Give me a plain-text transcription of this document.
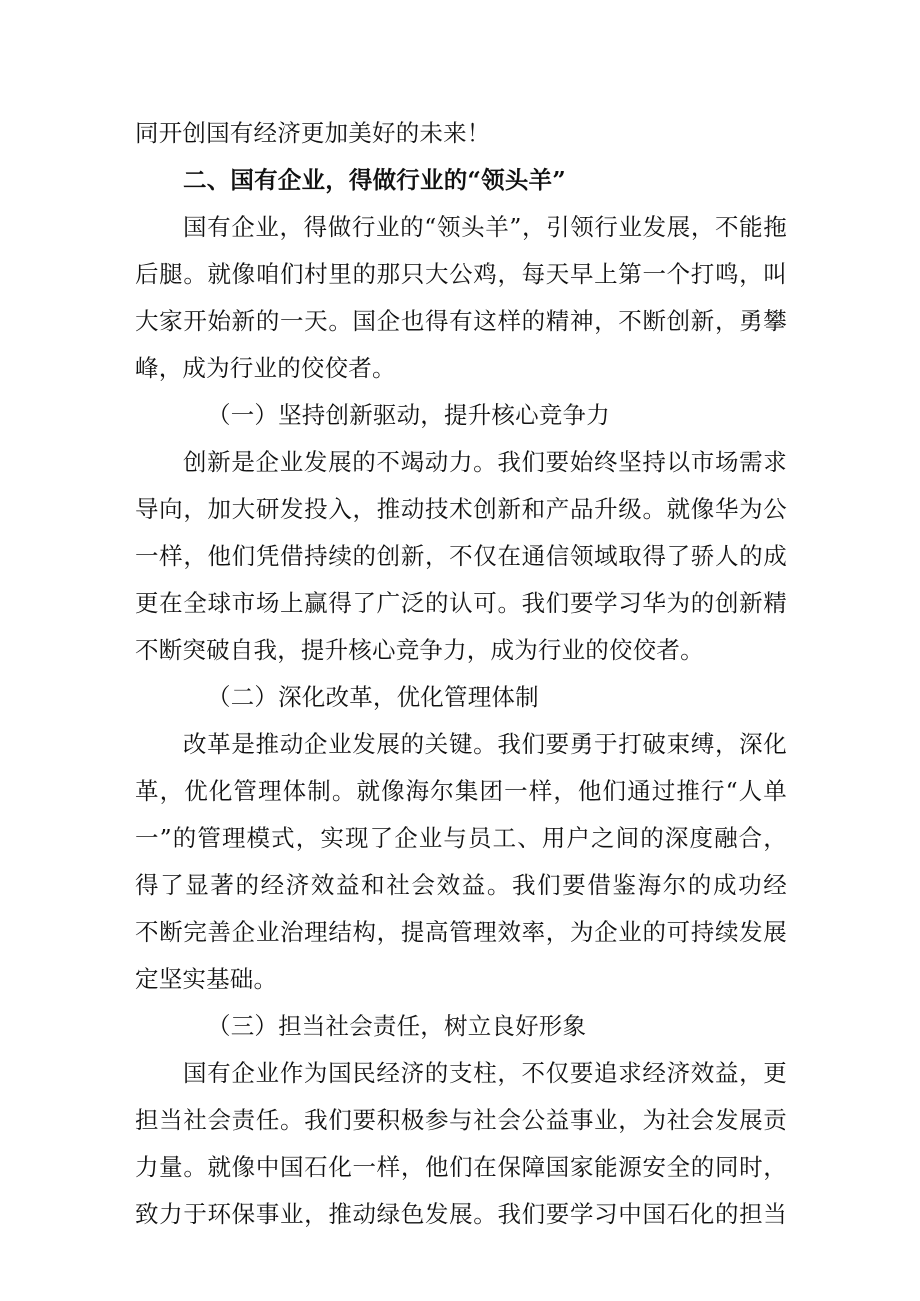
同开创国有经济更加美好的未来！
二、国有企业，得做行业的“领头羊”
国有企业，得做行业的“领头羊”，引领行业发展，不能拖
后腿。就像咱们村里的那只大公鸡，每天早上第一个打鸣，叫
大家开始新的一天。国企也得有这样的精神，不断创新，勇攀
峰，成为行业的佼佼者。
（一）坚持创新驱动，提升核心竞争力
创新是企业发展的不竭动力。我们要始终坚持以市场需求
导向，加大研发投入，推动技术创新和产品升级。就像华为公
一样，他们凭借持续的创新，不仅在通信领域取得了骄人的成
更在全球市场上赢得了广泛的认可。我们要学习华为的创新精
不断突破自我，提升核心竞争力，成为行业的佼佼者。
（二）深化改革，优化管理体制
改革是推动企业发展的关键。我们要勇于打破束缚，深化
革，优化管理体制。就像海尔集团一样，他们通过推行“人单
一”的管理模式，实现了企业与员工、用户之间的深度融合，
得了显著的经济效益和社会效益。我们要借鉴海尔的成功经
不断完善企业治理结构，提高管理效率，为企业的可持续发展
定坚实基础。
（三）担当社会责任，树立良好形象
国有企业作为国民经济的支柱，不仅要追求经济效益，更
担当社会责任。我们要积极参与社会公益事业，为社会发展贡
力量。就像中国石化一样，他们在保障国家能源安全的同时，
致力于环保事业，推动绿色发展。我们要学习中国石化的担当
